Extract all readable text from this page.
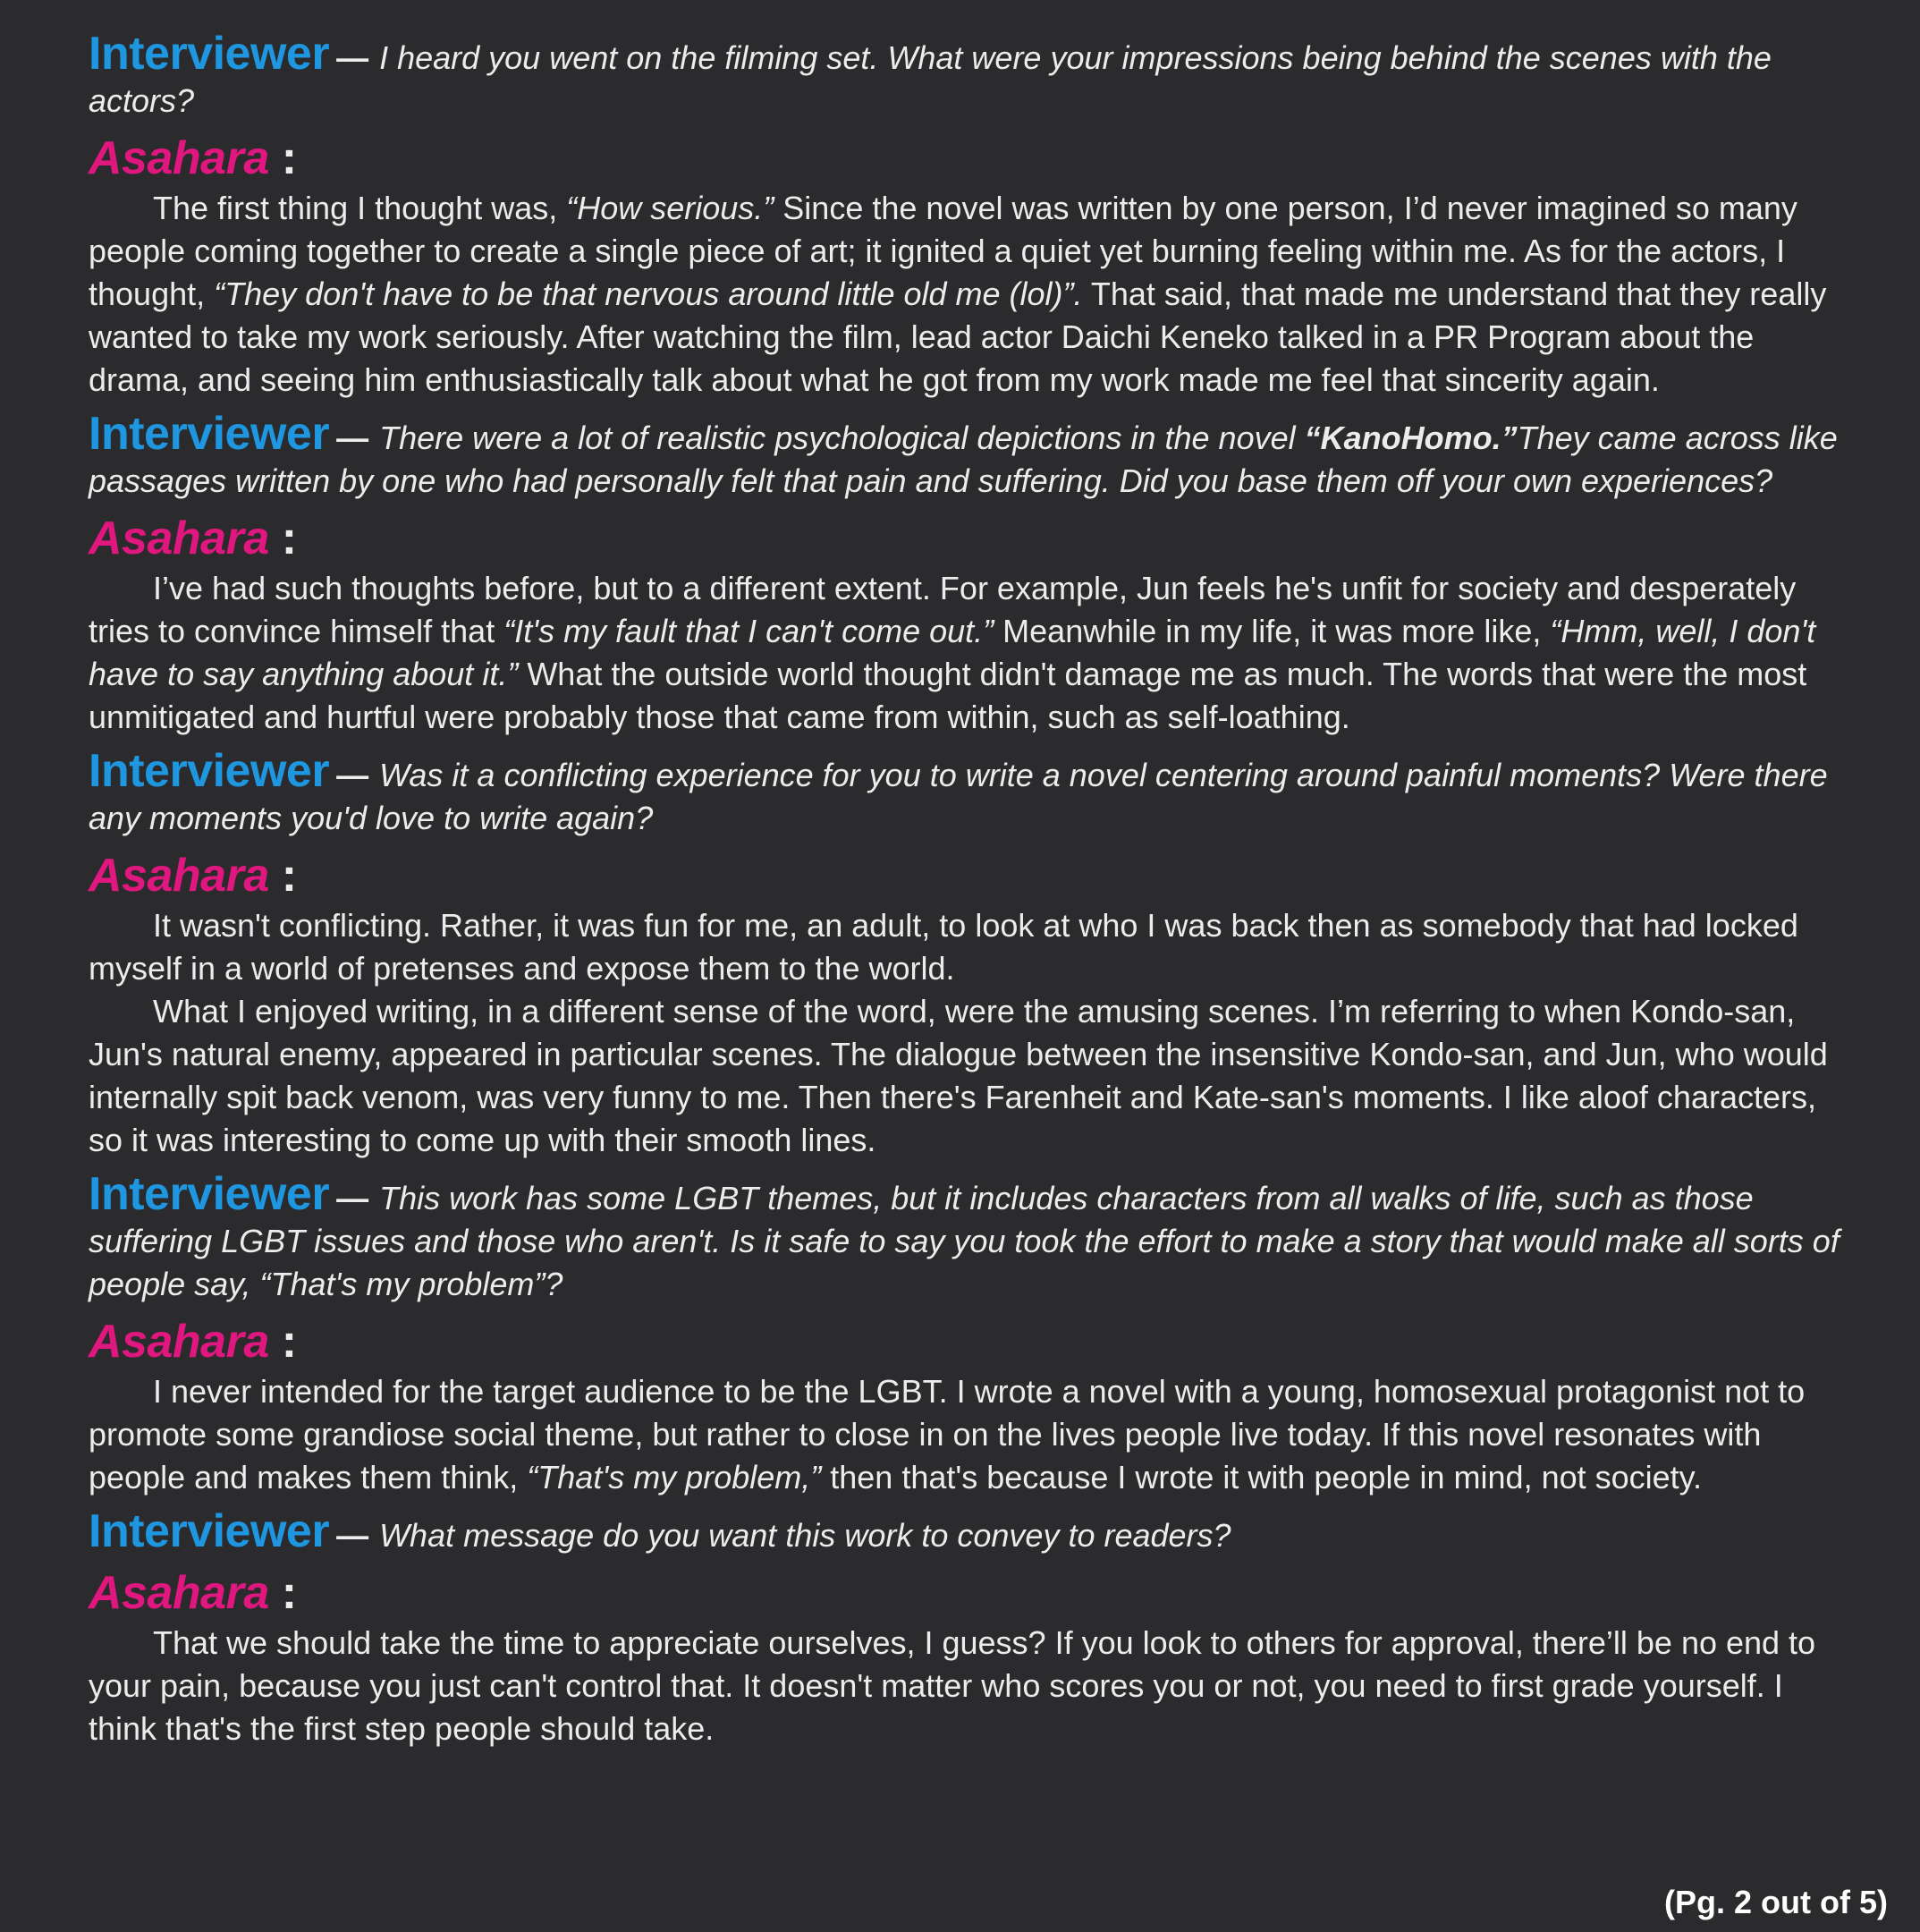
Interviewer — I heard you went on the filming set. What were your impressions being behind the scenes with the actors?
Asahara :

The first thing I thought was, “How serious.” Since the novel was written by one person, I’d never imagined so many people coming together to create a single piece of art; it ignited a quiet yet burning feeling within me. As for the actors, I thought, “They don't have to be that nervous around little old me (lol)”. That said, that made me understand that they really wanted to take my work seriously. After watching the film, lead actor Daichi Keneko talked in a PR Program about the drama, and seeing him enthusiastically talk about what he got from my work made me feel that sincerity again.

Interviewer — There were a lot of realistic psychological depictions in the novel “KanoHomo.”They came across like passages written by one who had personally felt that pain and suffering. Did you base them off your own experiences?
Asahara :

I’ve had such thoughts before, but to a different extent. For example, Jun feels he's unfit for society and desperately tries to convince himself that “It's my fault that I can't come out.” Meanwhile in my life, it was more like, “Hmm, well, I don't have to say anything about it.” What the outside world thought didn't damage me as much. The words that were the most unmitigated and hurtful were probably those that came from within, such as self-loathing.

Interviewer — Was it a conflicting experience for you to write a novel centering around painful moments? Were there any moments you'd love to write again?
Asahara :

It wasn't conflicting. Rather, it was fun for me, an adult, to look at who I was back then as somebody that had locked myself in a world of pretenses and expose them to the world.

What I enjoyed writing, in a different sense of the word, were the amusing scenes. I’m referring to when Kondo-san, Jun's natural enemy, appeared in particular scenes. The dialogue between the insensitive Kondo-san, and Jun, who would internally spit back venom, was very funny to me. Then there's Farenheit and Kate-san's moments. I like aloof characters, so it was interesting to come up with their smooth lines.

Interviewer — This work has some LGBT themes, but it includes characters from all walks of life, such as those suffering LGBT issues and those who aren't. Is it safe to say you took the effort to make a story that would make all sorts of people say, “That's my problem”?
Asahara :

I never intended for the target audience to be the LGBT. I wrote a novel with a young, homosexual protagonist not to promote some grandiose social theme, but rather to close in on the lives people live today. If this novel resonates with people and makes them think, “That's my problem,” then that's because I wrote it with people in mind, not society.

Interviewer — What message do you want this work to convey to readers?
Asahara :

That we should take the time to appreciate ourselves, I guess? If you look to others for approval, there’ll be no end to your pain, because you just can't control that. It doesn't matter who scores you or not, you need to first grade yourself. I think that's the first step people should take.

(Pg. 2 out of 5)
